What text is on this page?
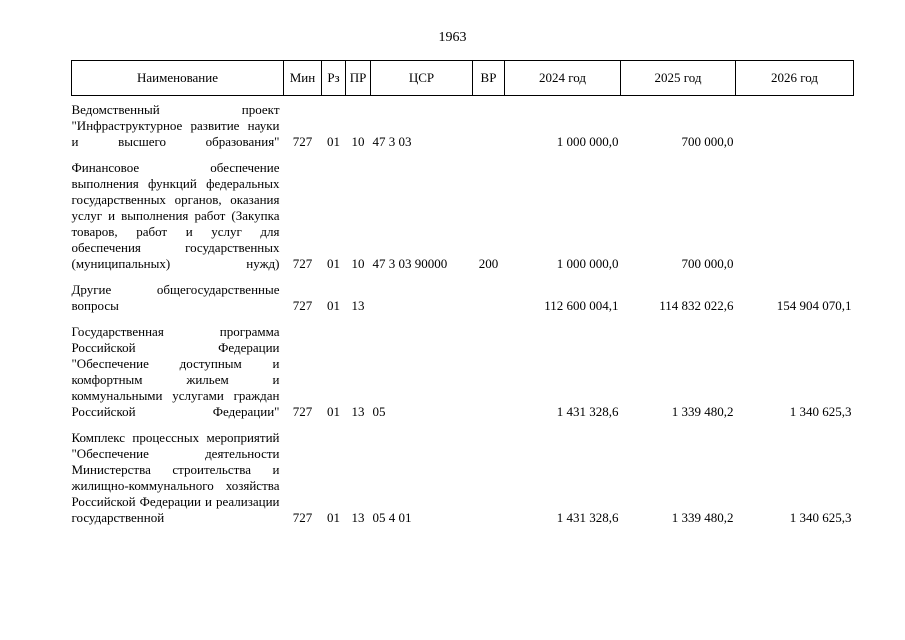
1963
Наименование	Мин	Рз	ПР	ЦСР	ВР	2024 год	2025 год	2026 год
Ведомственный проект "Инфраструктурное развитие науки и высшего образования"	727	01	10	47 3 03		1 000 000,0	700 000,0	
Финансовое обеспечение выполнения функций федеральных государственных органов, оказания услуг и выполнения работ (Закупка товаров, работ и услуг для обеспечения государственных (муниципальных) нужд)	727	01	10	47 3 03 90000	200	1 000 000,0	700 000,0	
Другие общегосударственные вопросы	727	01	13			112 600 004,1	114 832 022,6	154 904 070,1
Государственная программа Российской Федерации "Обеспечение доступным и комфортным жильем и коммунальными услугами граждан Российской Федерации"	727	01	13	05		1 431 328,6	1 339 480,2	1 340 625,3
Комплекс процессных мероприятий "Обеспечение деятельности Министерства строительства и жилищно-коммунального хозяйства Российской Федерации и реализации государственной	727	01	13	05 4 01		1 431 328,6	1 339 480,2	1 340 625,3
